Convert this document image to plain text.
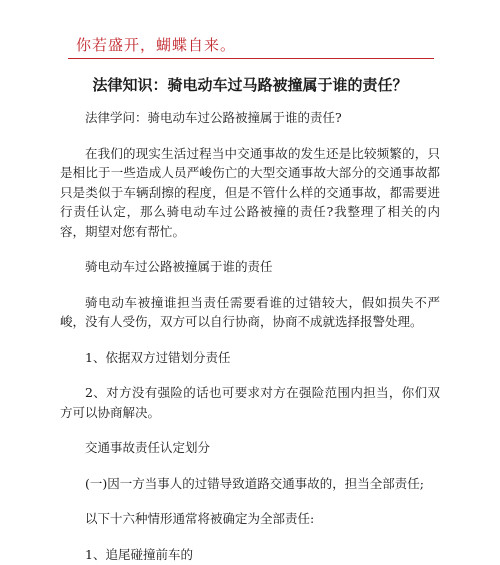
你若盛开，蝴蝶自来。
法律知识：骑电动车过马路被撞属于谁的责任？

法律学问：骑电动车过公路被撞属于谁的责任?

在我们的现实生活过程当中交通事故的发生还是比较频繁的，只是相比于一些造成人员严峻伤亡的大型交通事故大部分的交通事故都只是类似于车辆刮擦的程度，但是不管什么样的交通事故，都需要进行责任认定，那么骑电动车过公路被撞的责任?我整理了相关的内容，期望对您有帮忙。

骑电动车过公路被撞属于谁的责任

骑电动车被撞谁担当责任需要看谁的过错较大，假如损失不严峻，没有人受伤，双方可以自行协商，协商不成就选择报警处理。

1、依据双方过错划分责任

2、对方没有强险的话也可要求对方在强险范围内担当，你们双方可以协商解决。

交通事故责任认定划分

(一)因一方当事人的过错导致道路交通事故的，担当全部责任;

以下十六种情形通常将被确定为全部责任:

1、追尾碰撞前车的
